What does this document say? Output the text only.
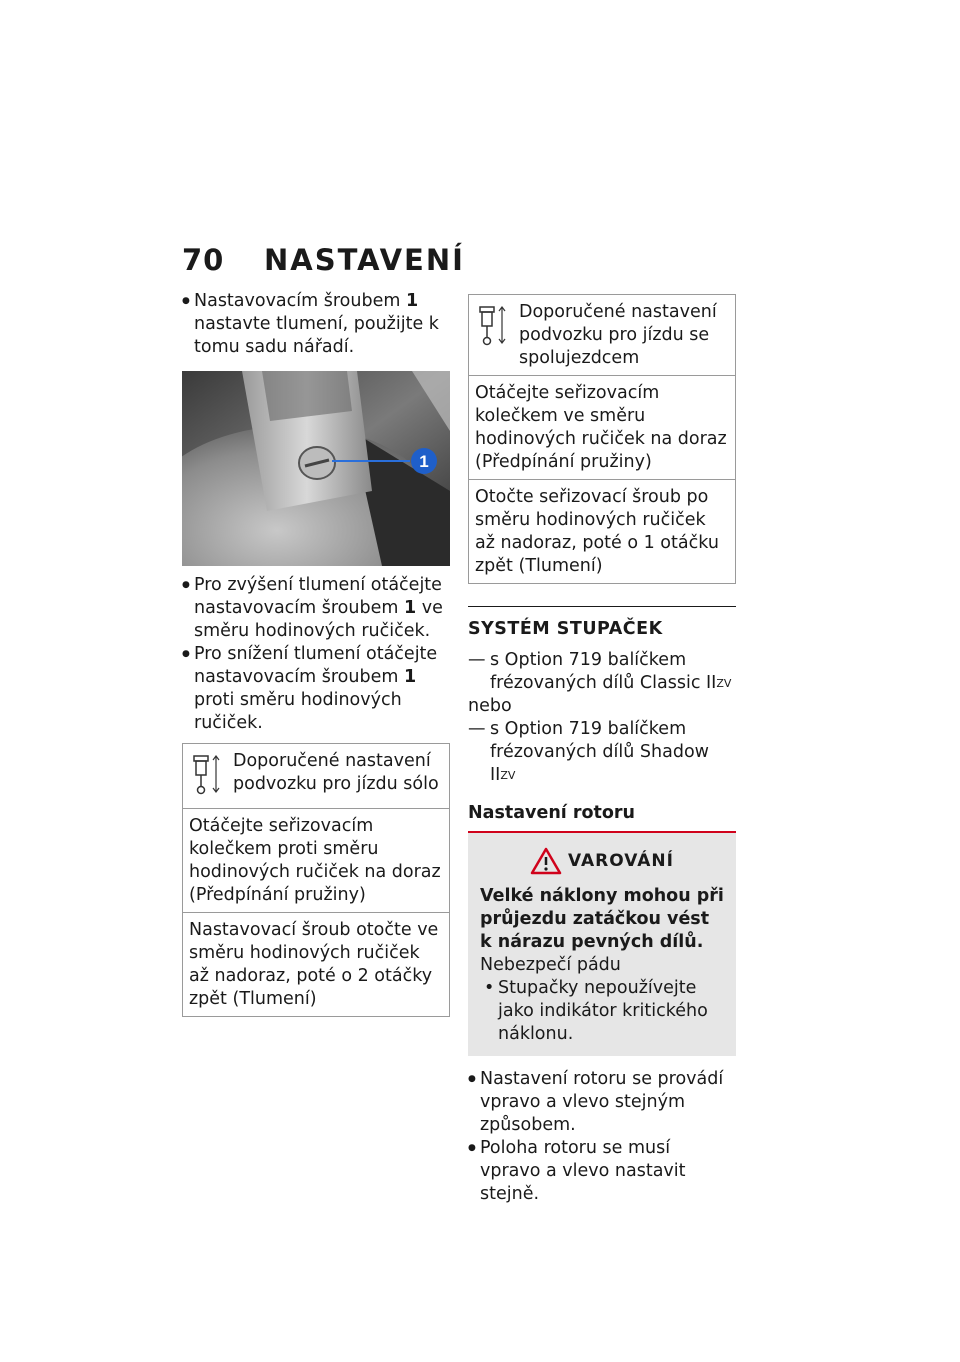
70	NASTAVENÍ
● Nastavovacím šroubem 1 nastavte tlumení, použijte k tomu sadu nářadí.
1
● Pro zvýšení tlumení otáčejte nastavovacím šroubem 1 ve směru hodinových ručiček.
● Pro snížení tlumení otáčejte nastavovacím šroubem 1 proti směru hodinových ručiček.
Doporučené nastavení podvozku pro jízdu sólo
Otáčejte seřizovacím kolečkem proti směru hodinových ručiček na doraz (Předpínání pružiny)
Nastavovací šroub otočte ve směru hodinových ručiček až nadoraz, poté o 2 otáčky zpět (Tlumení)
Doporučené nastavení podvozku pro jízdu se spolujezdcem
Otáčejte seřizovacím kolečkem ve směru hodinových ručiček na doraz (Předpínání pružiny)
Otočte seřizovací šroub po směru hodinových ručiček až nadoraz, poté o 1 otáčku zpět (Tlumení)
SYSTÉM STUPAČEK
— s Option 719 balíčkem frézovaných dílů Classic $II^{ZV}$
nebo
— s Option 719 balíčkem frézovaných dílů Shadow $II^{ZV}$
Nastavení rotoru
VAROVÁNÍ
Velké náklony mohou při průjezdu zatáčkou vést k nárazu pevných dílů.
Nebezpečí pádu
• Stupačky nepoužívejte jako indikátor kritického náklonu.
● Nastavení rotoru se provádí vpravo a vlevo stejným způsobem.
● Poloha rotoru se musí vpravo a vlevo nastavit stejně.
